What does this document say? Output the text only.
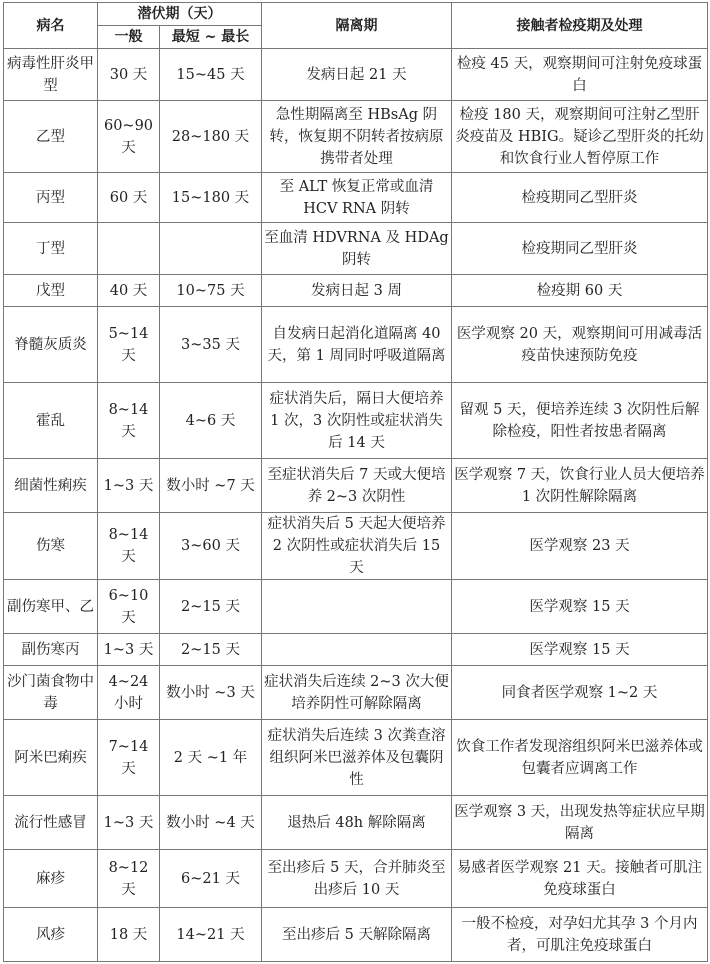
病名	潜伏期（天）		隔离期	接触者检疫期及处理
	一般	最短 ~ 最长		
病毒性肝炎甲型	30 天	15~45 天	发病日起 21 天	检疫 45 天，观察期间可注射免疫球蛋白
乙型	60~90 天	28~180 天	急性期隔离至 HBsAg 阴转，恢复期不阴转者按病原携带者处理	检疫 180 天，观察期间可注射乙型肝炎疫苗及 HBIG。疑诊乙型肝炎的托幼和饮食行业人暂停原工作
丙型	60 天	15~180 天	至 ALT 恢复正常或血清 HCV RNA 阴转	检疫期同乙型肝炎
丁型			至血清 HDVRNA 及 HDAg 阴转	检疫期同乙型肝炎
戊型	40 天	10~75 天	发病日起 3 周	检疫期 60 天
脊髓灰质炎	5~14 天	3~35 天	自发病日起消化道隔离 40 天，第 1 周同时呼吸道隔离	医学观察 20 天，观察期间可用减毒活疫苗快速预防免疫
霍乱	8~14 天	4~6 天	症状消失后，隔日大便培养 1 次，3 次阴性或症状消失后 14 天	留观 5 天，便培养连续 3 次阴性后解除检疫，阳性者按患者隔离
细菌性痢疾	1~3 天	数小时 ~7 天	至症状消失后 7 天或大便培养 2~3 次阴性	医学观察 7 天，饮食行业人员大便培养 1 次阴性解除隔离
伤寒	8~14 天	3~60 天	症状消失后 5 天起大便培养 2 次阴性或症状消失后 15 天	医学观察 23 天
副伤寒甲、乙	6~10 天	2~15 天		医学观察 15 天
副伤寒丙	1~3 天	2~15 天		医学观察 15 天
沙门菌食物中毒	4~24 小时	数小时 ~3 天	症状消失后连续 2~3 次大便培养阴性可解除隔离	同食者医学观察 1~2 天
阿米巴痢疾	7~14 天	2 天 ~1 年	症状消失后连续 3 次粪查溶组织阿米巴滋养体及包囊阴性	饮食工作者发现溶组织阿米巴滋养体或包囊者应调离工作
流行性感冒	1~3 天	数小时 ~4 天	退热后 48h 解除隔离	医学观察 3 天，出现发热等症状应早期隔离
麻疹	8~12 天	6~21 天	至出疹后 5 天，合并肺炎至出疹后 10 天	易感者医学观察 21 天。接触者可肌注免疫球蛋白
风疹	18 天	14~21 天	至出疹后 5 天解除隔离	一般不检疫，对孕妇尤其孕 3 个月内者，可肌注免疫球蛋白
